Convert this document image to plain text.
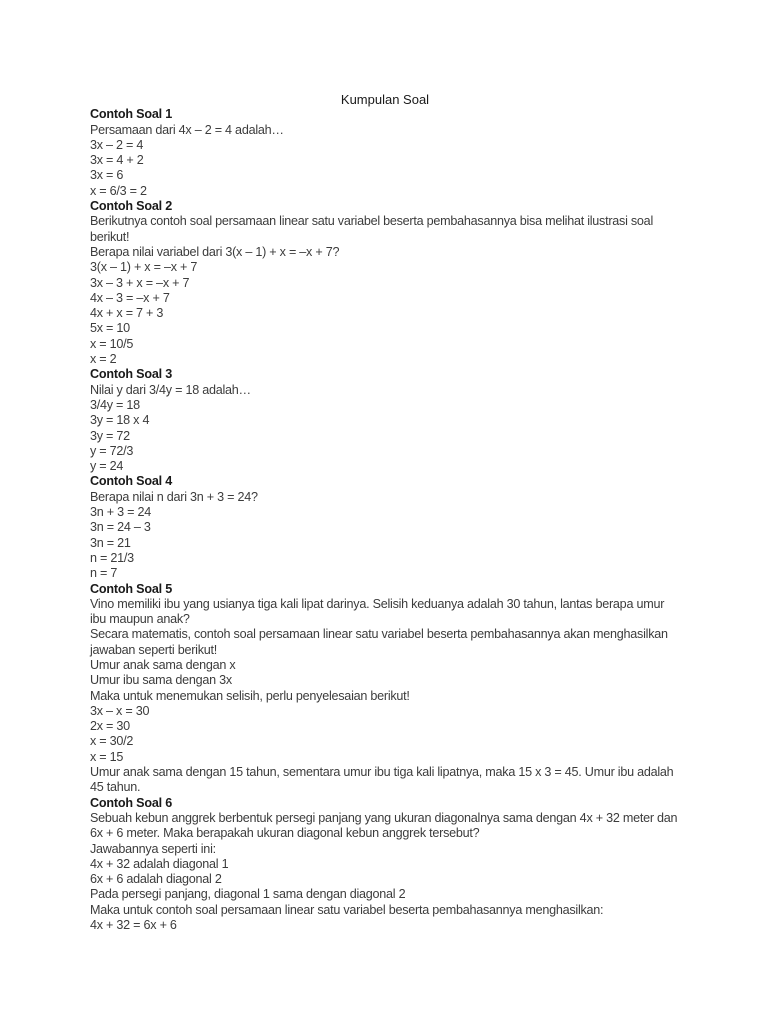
Kumpulan Soal
Contoh Soal 1
Persamaan dari 4x – 2 = 4 adalah…
3x – 2 = 4
3x = 4 + 2
3x = 6
x = 6/3 = 2
Contoh Soal 2
Berikutnya contoh soal persamaan linear satu variabel beserta pembahasannya bisa melihat ilustrasi soal berikut!
Berapa nilai variabel dari 3(x – 1) + x = –x + 7?
3(x – 1) + x = –x + 7
3x – 3 + x = –x + 7
4x – 3 = –x + 7
4x + x = 7 + 3
5x = 10
x = 10/5
x = 2
Contoh Soal 3
Nilai y dari 3/4y = 18 adalah…
3/4y = 18
3y = 18 x 4
3y = 72
y = 72/3
y = 24
Contoh Soal 4
Berapa nilai n dari 3n + 3 = 24?
3n + 3 = 24
3n = 24 – 3
3n = 21
n = 21/3
n = 7
Contoh Soal 5
Vino memiliki ibu yang usianya tiga kali lipat darinya. Selisih keduanya adalah 30 tahun, lantas berapa umur ibu maupun anak?
Secara matematis, contoh soal persamaan linear satu variabel beserta pembahasannya akan menghasilkan jawaban seperti berikut!
Umur anak sama dengan x
Umur ibu sama dengan 3x
Maka untuk menemukan selisih, perlu penyelesaian berikut!
3x – x = 30
2x = 30
x = 30/2
x = 15
Umur anak sama dengan 15 tahun, sementara umur ibu tiga kali lipatnya, maka 15 x 3 = 45. Umur ibu adalah 45 tahun.
Contoh Soal 6
Sebuah kebun anggrek berbentuk persegi panjang yang ukuran diagonalnya sama dengan 4x + 32 meter dan 6x + 6 meter. Maka berapakah ukuran diagonal kebun anggrek tersebut?
Jawabannya seperti ini:
4x + 32 adalah diagonal 1
6x + 6 adalah diagonal 2
Pada persegi panjang, diagonal 1 sama dengan diagonal 2
Maka untuk contoh soal persamaan linear satu variabel beserta pembahasannya menghasilkan:
4x + 32 = 6x + 6
